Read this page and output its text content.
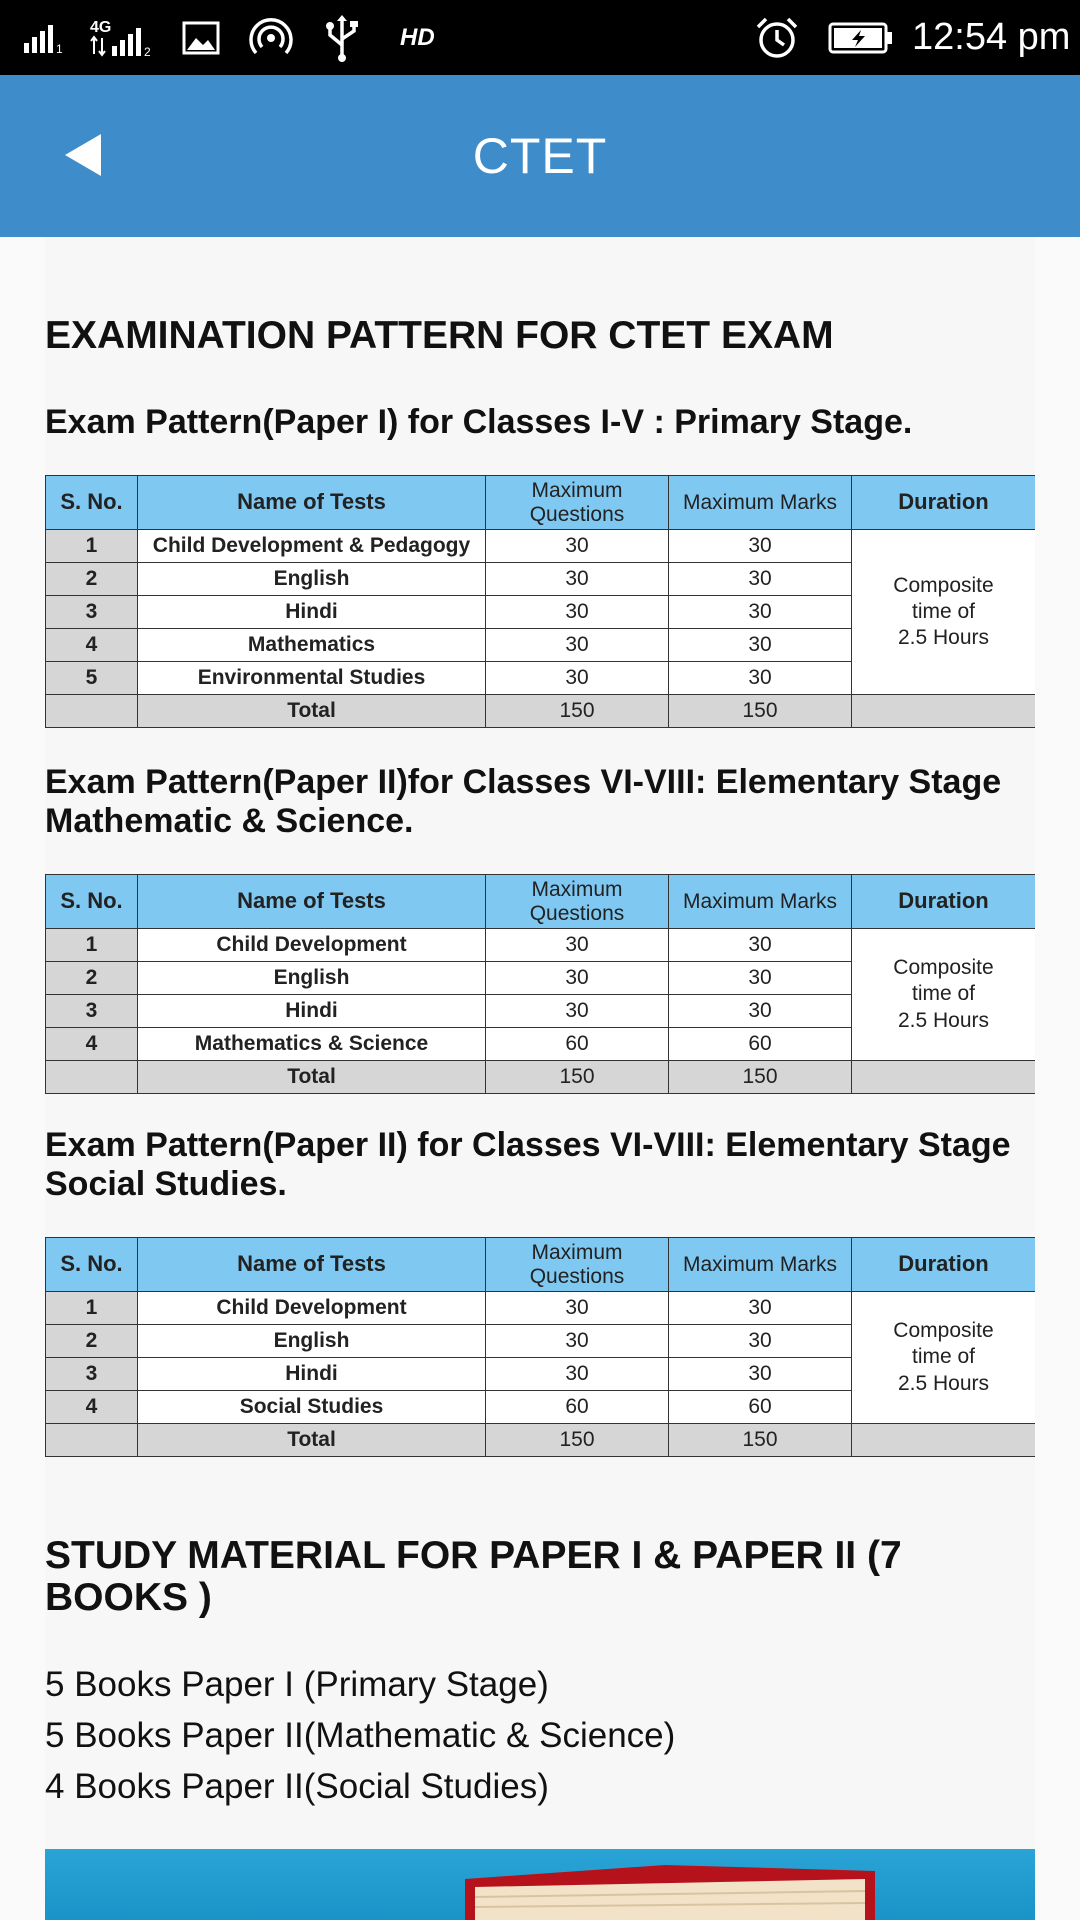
1
4G
2
HD	12:54 pm
CTET
EXAMINATION PATTERN FOR CTET EXAM
Exam Pattern(Paper I) for Classes I-V : Primary Stage.
S. No.	Name of Tests	Maximum Questions	Maximum Marks	Duration
1	Child Development & Pedagogy	30	30	Composite
time of
2.5 Hours

2	English	30	30	
3	Hindi	30	30	
4	Mathematics	30	30	
5	Environmental Studies	30	30	
	Total	150	150	
Exam Pattern(Paper II)for Classes VI-VIII: Elementary Stage Mathematic & Science.
S. No.	Name of Tests	Maximum Questions	Maximum Marks	Duration
1	Child Development	30	30	Composite
time of
2.5 Hours

2	English	30	30	
3	Hindi	30	30	
4	Mathematics & Science	60	60	
	Total	150	150	
Exam Pattern(Paper II) for Classes VI-VIII: Elementary Stage Social Studies.
S. No.	Name of Tests	Maximum Questions	Maximum Marks	Duration
1	Child Development	30	30	Composite
time of
2.5 Hours

2	English	30	30	
3	Hindi	30	30	
4	Social Studies	60	60	
	Total	150	150	
STUDY MATERIAL FOR PAPER I & PAPER II (7 BOOKS )

5 Books Paper I (Primary Stage)

5 Books Paper II(Mathematic & Science)

4 Books Paper II(Social Studies)
